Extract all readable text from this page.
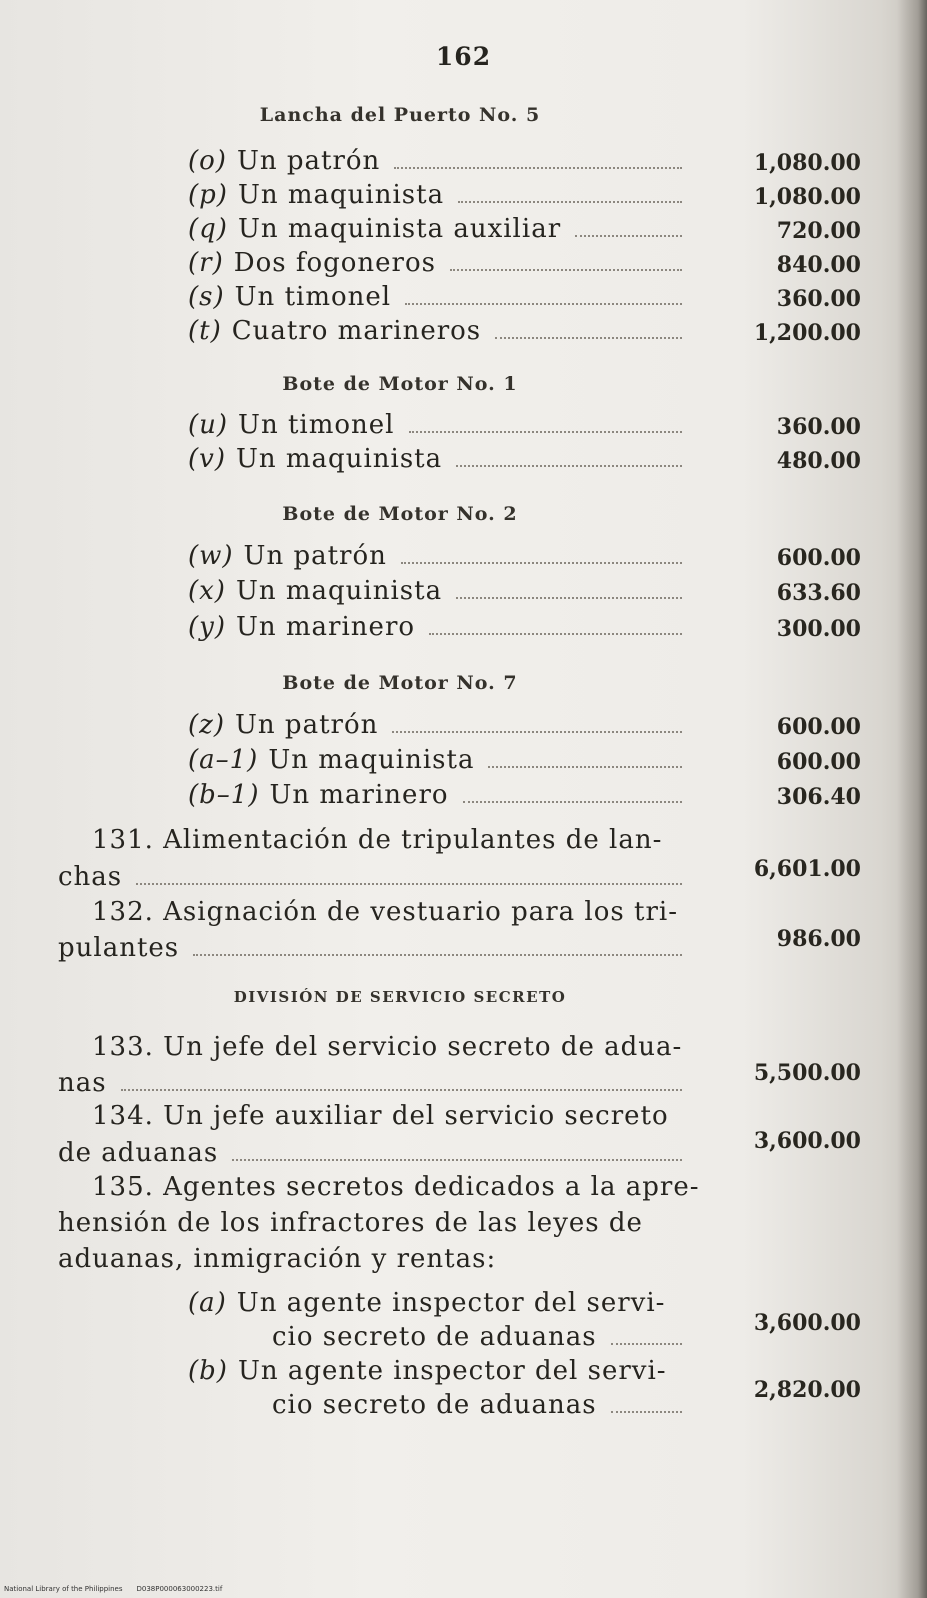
162
Lancha del Puerto No. 5
(o) Un patrón	1,080.00
(p) Un maquinista	1,080.00
(q) Un maquinista auxiliar	720.00
(r) Dos fogoneros	840.00
(s) Un timonel	360.00
(t) Cuatro marineros	1,200.00
Bote de Motor No. 1
(u) Un timonel	360.00
(v) Un maquinista	480.00
Bote de Motor No. 2
(w) Un patrón	600.00
(x) Un maquinista	633.60
(y) Un marinero	300.00
Bote de Motor No. 7
(z) Un patrón	600.00
(a–1) Un maquinista	600.00
(b–1) Un marinero	306.40
131. Alimentación de tripulantes de lan-
chas	6,601.00
132. Asignación de vestuario para los tri-
pulantes	986.00
DIVISIÓN DE SERVICIO SECRETO
133. Un jefe del servicio secreto de adua-
nas	5,500.00
134. Un jefe auxiliar del servicio secreto
de aduanas	3,600.00
135. Agentes secretos dedicados a la apre-
hensión de los infractores de las leyes de
aduanas, inmigración y rentas:
(a) Un agente inspector del servi-
cio secreto de aduanas	3,600.00
(b) Un agente inspector del servi-
cio secreto de aduanas	2,820.00
National Library of the Philippines D038P000063000223.tif
